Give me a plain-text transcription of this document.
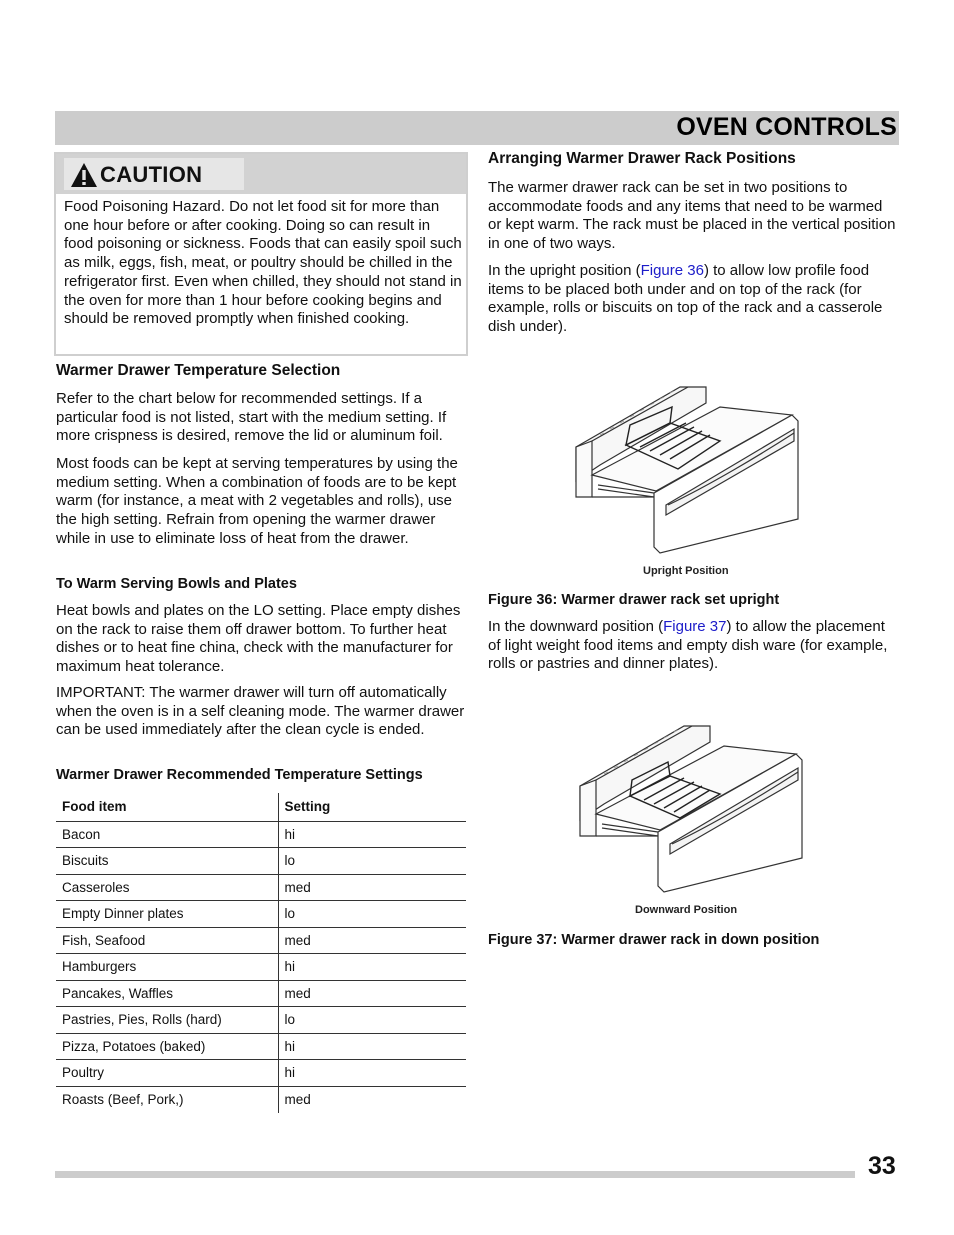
OVEN CONTROLS
CAUTION
Food Poisoning Hazard. Do not let food sit for more than one hour before or after cooking. Doing so can result in food poisoning or sickness. Foods that can easily spoil such as milk, eggs, fish, meat, or poultry should be chilled in the refrigerator first. Even when chilled, they should not stand in the oven for more than 1 hour before cooking begins and should be removed promptly when finished cooking.
Warmer Drawer Temperature Selection

Refer to the chart below for recommended settings. If a particular food is not listed, start with the medium setting. If more crispness is desired, remove the lid or aluminum foil.

Most foods can be kept at serving temperatures by using the medium setting. When a combination of foods are to be kept warm (for instance, a meat with 2 vegetables and rolls), use the high setting. Refrain from opening the warmer drawer while in use to eliminate loss of heat from the drawer.

To Warm Serving Bowls and Plates

Heat bowls and plates on the LO setting. Place empty dishes on the rack to raise them off drawer bottom. To further heat dishes or to heat fine china, check with the manufacturer for maximum heat tolerance.

IMPORTANT: The warmer drawer will turn off automatically when the oven is in a self cleaning mode. The warmer drawer can be used immediately after the clean cycle is ended.

Warmer Drawer Recommended Temperature Settings
Food item	Setting
Bacon	hi
Biscuits	lo
Casseroles	med
Empty Dinner plates	lo
Fish, Seafood	med
Hamburgers	hi
Pancakes, Waffles	med
Pastries, Pies, Rolls (hard)	lo
Pizza, Potatoes (baked)	hi
Poultry	hi
Roasts (Beef, Pork,)	med
Arranging Warmer Drawer Rack Positions

The warmer drawer rack can be set in two positions to accommodate foods and any items that need to be warmed or kept warm. The rack must be placed in the vertical position in one of two ways.

In the upright position (Figure 36) to allow low profile food items to be placed both under and on top of the rack (for example, rolls or biscuits on top of the rack and a casserole dish under).

Upright Position
Figure 36: Warmer drawer rack set upright

In the downward position (Figure 37) to allow the placement of light weight food items and empty dish ware (for example, rolls or pastries and dinner plates).

Downward Position
Figure 37: Warmer drawer rack in down position
33
